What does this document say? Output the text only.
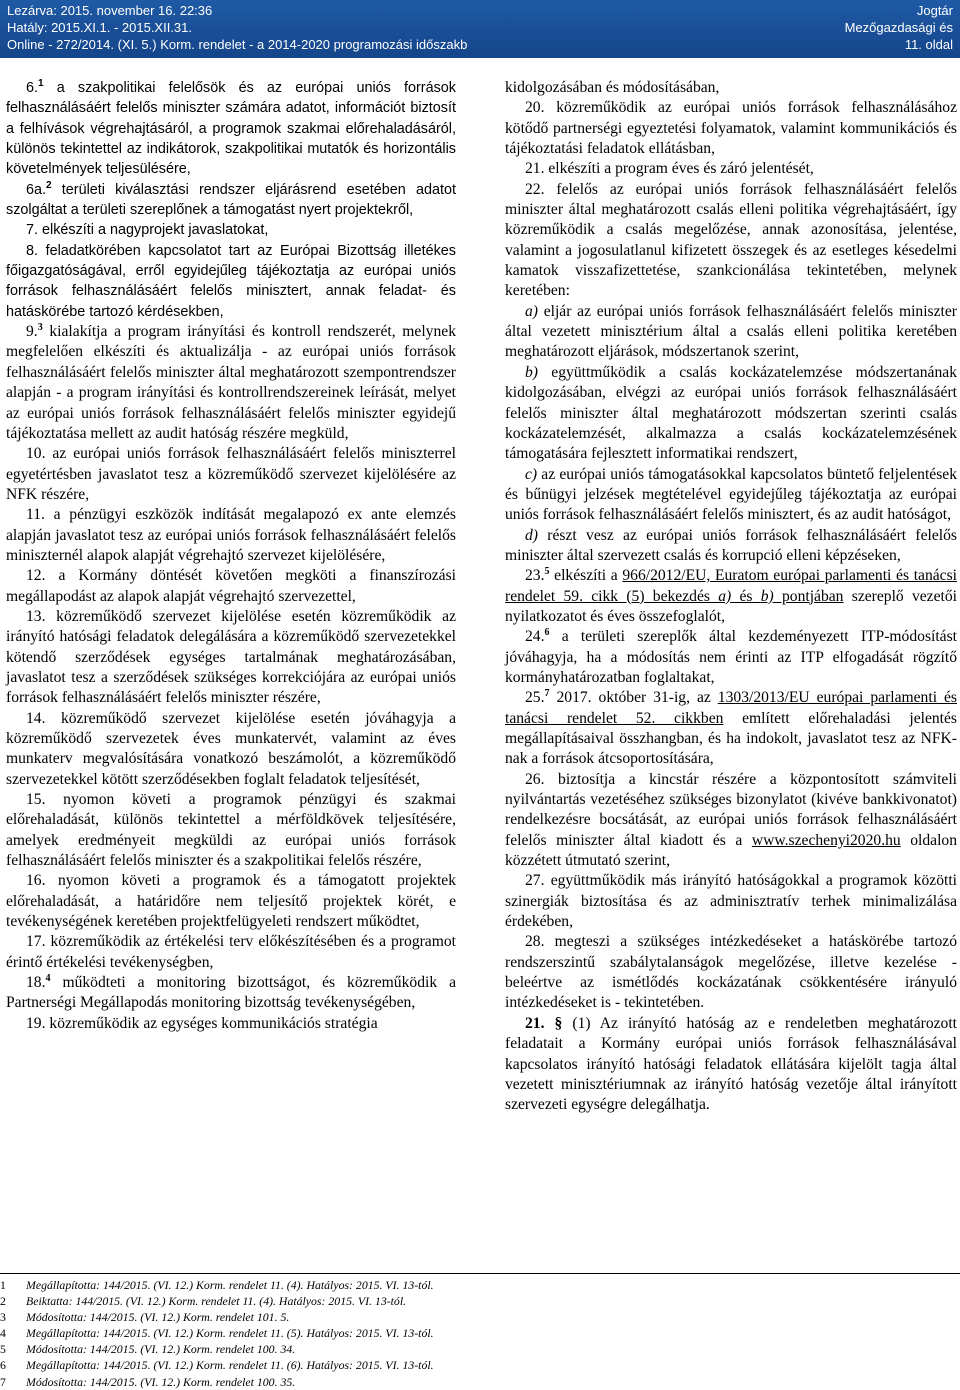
Lezárva: 2015. november 16. 22:36
Hatály: 2015.XI.1. - 2015.XII.31.
Online - 272/2014. (XI. 5.) Korm. rendelet - a 2014-2020 programozási időszakb
Jogtár
Mezőgazdasági és
11. oldal

6.$^1$ a szakpolitikai felelősök és az európai uniós források felhasználásáért felelős miniszter számára adatot, információt biztosít a felhívások végrehajtásáról, a programok szakmai előrehaladásáról, különös tekintettel az indikátorok, szakpolitikai mutatók és horizontális követelmények teljesülésére,

6a.$^2$ területi kiválasztási rendszer eljárásrend esetében adatot szolgáltat a területi szereplőnek a támogatást nyert projektekről,

7. elkészíti a nagyprojekt javaslatokat,

8. feladatkörében kapcsolatot tart az Európai Bizottság illetékes főigazgatóságával, erről egyidejűleg tájékoztatja az európai uniós források felhasználásáért felelős minisztert, annak feladat- és hatáskörébe tartozó kérdésekben,

9.$^3$ kialakítja a program irányítási és kontroll rendszerét, melynek megfelelően elkészíti és aktualizálja - az európai uniós források felhasználásáért felelős miniszter által meghatározott szempontrendszer alapján - a program irányítási és kontrollrendszereinek leírását, melyet az európai uniós források felhasználásáért felelős miniszter egyidejű tájékoztatása mellett az audit hatóság részére megküld,

10. az európai uniós források felhasználásáért felelős miniszterrel egyetértésben javaslatot tesz a közreműködő szervezet kijelölésére az NFK részére,

11. a pénzügyi eszközök indítását megalapozó ex ante elemzés alapján javaslatot tesz az európai uniós források felhasználásáért felelős miniszternél alapok alapját végrehajtó szervezet kijelölésére,

12. a Kormány döntését követően megköti a finanszírozási megállapodást az alapok alapját végrehajtó szervezettel,

13. közreműködő szervezet kijelölése esetén közreműködik az irányító hatósági feladatok delegálására a közreműködő szervezetekkel kötendő szerződések egységes tartalmának meghatározásában, javaslatot tesz a szerződések szükséges korrekciójára az európai uniós források felhasználásáért felelős miniszter részére,

14. közreműködő szervezet kijelölése esetén jóváhagyja a közreműködő szervezetek éves munkatervét, valamint az éves munkaterv megvalósítására vonatkozó beszámolót, a közreműködő szervezetekkel kötött szerződésekben foglalt feladatok teljesítését,

15. nyomon követi a programok pénzügyi és szakmai előrehaladását, különös tekintettel a mérföldkövek teljesítésére, amelyek eredményeit megküldi az európai uniós források felhasználásáért felelős miniszter és a szakpolitikai felelős részére,

16. nyomon követi a programok és a támogatott projektek előrehaladását, a határidőre nem teljesítő projektek körét, e tevékenységének keretében projektfelügyeleti rendszert működtet,

17. közreműködik az értékelési terv előkészítésében és a programot érintő értékelési tevékenységben,

18.$^4$ működteti a monitoring bizottságot, és közreműködik a Partnerségi Megállapodás monitoring bizottság tevékenységében,

19. közreműködik az egységes kommunikációs stratégia

kidolgozásában és módosításában,

20. közreműködik az európai uniós források felhasználásához kötődő partnerségi egyeztetési folyamatok, valamint kommunikációs és tájékoztatási feladatok ellátásban,

21. elkészíti a program éves és záró jelentését,

22. felelős az európai uniós források felhasználásáért felelős miniszter által meghatározott csalás elleni politika végrehajtásáért, így közreműködik a csalás megelőzése, annak azonosítása, jelentése, valamint a jogosulatlanul kifizetett összegek és az esetleges késedelmi kamatok visszafizettetése, szankcionálása tekintetében, melynek keretében:

a) eljár az európai uniós források felhasználásáért felelős miniszter által vezetett minisztérium által a csalás elleni politika keretében meghatározott eljárások, módszertanok szerint,

b) együttműködik a csalás kockázatelemzése módszertanának kidolgozásában, elvégzi az európai uniós források felhasználásáért felelős miniszter által meghatározott módszertan szerinti csalás kockázatelemzését, alkalmazza a csalás kockázatelemzésének támogatására fejlesztett informatikai rendszert,

c) az európai uniós támogatásokkal kapcsolatos büntető feljelentések és bűnügyi jelzések megtételével egyidejűleg tájékoztatja az európai uniós források felhasználásáért felelős minisztert, és az audit hatóságot,

d) részt vesz az európai uniós források felhasználásáért felelős miniszter által szervezett csalás és korrupció elleni képzéseken,

23.$^5$ elkészíti a 966/2012/EU, Euratom európai parlamenti és tanácsi rendelet 59. cikk (5) bekezdés a) és b) pontjában szereplő vezetői nyilatkozatot és éves összefoglalót,

24.$^6$ a területi szereplők által kezdeményezett ITP-módosítást jóváhagyja, ha a módosítás nem érinti az ITP elfogadását rögzítő kormányhatározatban foglaltakat,

25.$^7$ 2017. október 31-ig, az 1303/2013/EU európai parlamenti és tanácsi rendelet 52. cikkben említett előrehaladási jelentés megállapításaival összhangban, és ha indokolt, javaslatot tesz az NFK-nak a források átcsoportosítására,

26. biztosítja a kincstár részére a központosított számviteli nyilvántartás vezetéséhez szükséges bizonylatot (kivéve bankkivonatot) rendelkezésre bocsátását, az európai uniós források felhasználásáért felelős miniszter által kiadott és a www.szechenyi2020.hu oldalon közzétett útmutató szerint,

27. együttműködik más irányító hatóságokkal a programok közötti szinergiák biztosítása és az adminisztratív terhek minimalizálása érdekében,

28. megteszi a szükséges intézkedéseket a hatáskörébe tartozó rendszerszintű szabálytalanságok megelőzése, illetve kezelése - beleértve az ismétlődés kockázatának csökkentésére irányuló intézkedéseket is - tekintetében.

21. § (1) Az irányító hatóság az e rendeletben meghatározott feladatait a Kormány európai uniós források felhasználásával kapcsolatos irányító hatósági feladatok ellátására kijelölt tagja által vezetett minisztériumnak az irányító hatóság vezetője által irányított szervezeti egységre delegálhatja.

1	Megállapította: 144/2015. (VI. 12.) Korm. rendelet 11. (4). Hatályos: 2015. VI. 13-tól.
2	Beiktatta: 144/2015. (VI. 12.) Korm. rendelet 11. (4). Hatályos: 2015. VI. 13-tól.
3	Módosította: 144/2015. (VI. 12.) Korm. rendelet 101. 5.
4	Megállapította: 144/2015. (VI. 12.) Korm. rendelet 11. (5). Hatályos: 2015. VI. 13-tól.
5	Módosította: 144/2015. (VI. 12.) Korm. rendelet 100. 34.
6	Megállapította: 144/2015. (VI. 12.) Korm. rendelet 11. (6). Hatályos: 2015. VI. 13-tól.
7	Módosította: 144/2015. (VI. 12.) Korm. rendelet 100. 35.
